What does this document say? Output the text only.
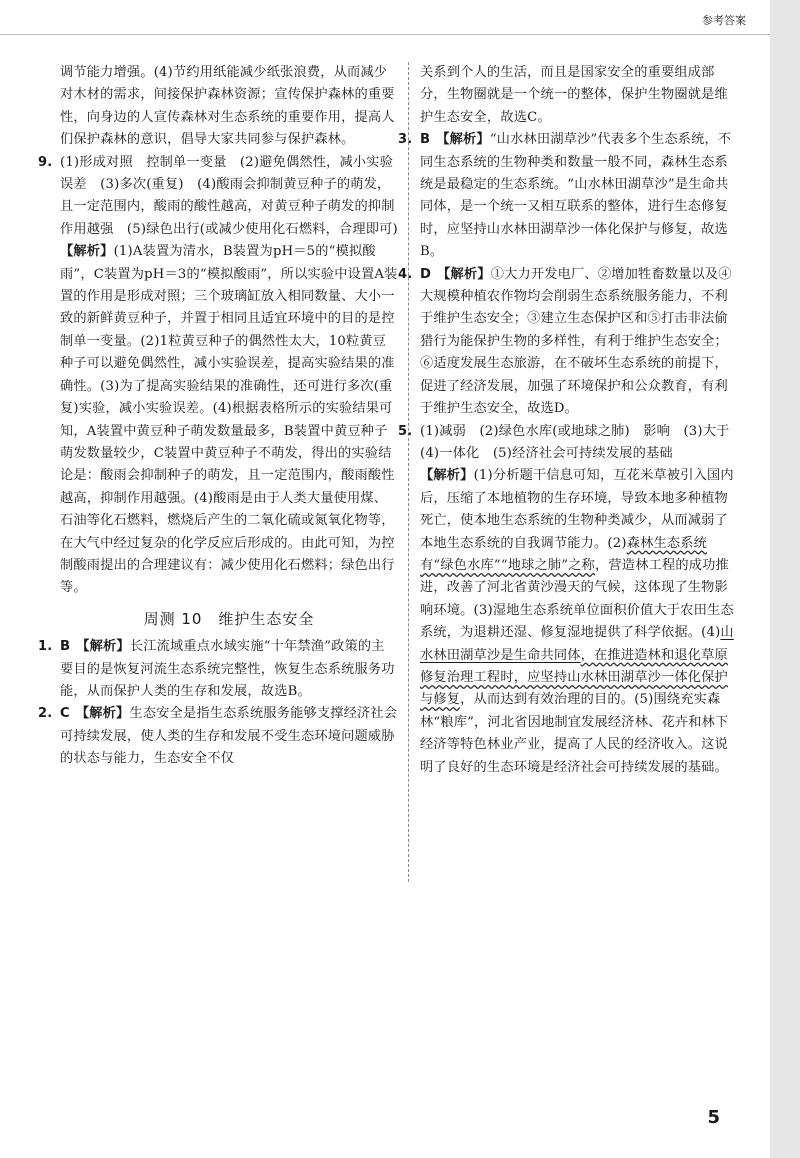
参考答案
调节能力增强。(4)节约用纸能减少纸张浪费，从而减少对木材的需求，间接保护森林资源；宣传保护森林的重要性，向身边的人宣传森林对生态系统的重要作用，提高人们保护森林的意识，倡导大家共同参与保护森林。
9. (1)形成对照　控制单一变量　(2)避免偶然性，减小实验误差　(3)多次(重复)　(4)酸雨会抑制黄豆种子的萌发，且一定范围内，酸雨的酸性越高，对黄豆种子萌发的抑制作用越强　(5)绿色出行(或减少使用化石燃料，合理即可)
【解析】(1)A装置为清水，B装置为pH＝5的“模拟酸雨”，C装置为pH＝3的“模拟酸雨”，所以实验中设置A装置的作用是形成对照；三个玻璃缸放入相同数量、大小一致的新鲜黄豆种子，并置于相同且适宜环境中的目的是控制单一变量。(2)1粒黄豆种子的偶然性太大，10粒黄豆种子可以避免偶然性，减小实验误差，提高实验结果的准确性。(3)为了提高实验结果的准确性，还可进行多次(重复)实验，减小实验误差。(4)根据表格所示的实验结果可知，A装置中黄豆种子萌发数量最多，B装置中黄豆种子萌发数量较少，C装置中黄豆种子不萌发，得出的实验结论是：酸雨会抑制种子的萌发，且一定范围内，酸雨酸性越高，抑制作用越强。(4)酸雨是由于人类大量使用煤、石油等化石燃料，燃烧后产生的二氧化硫或氮氧化物等，在大气中经过复杂的化学反应后形成的。由此可知，为控制酸雨提出的合理建议有：减少使用化石燃料；绿色出行等。
周测 10　维护生态安全
1. B 【解析】长江流域重点水域实施“十年禁渔”政策的主要目的是恢复河流生态系统完整性，恢复生态系统服务功能，从而保护人类的生存和发展，故选B。
2. C 【解析】生态安全是指生态系统服务能够支撑经济社会可持续发展，使人类的生存和发展不受生态环境问题威胁的状态与能力，生态安全不仅
关系到个人的生活，而且是国家安全的重要组成部分，生物圈就是一个统一的整体，保护生物圈就是维护生态安全，故选C。
3. B 【解析】“山水林田湖草沙”代表多个生态系统，不同生态系统的生物种类和数量一般不同，森林生态系统是最稳定的生态系统。“山水林田湖草沙”是生命共同体，是一个统一又相互联系的整体，进行生态修复时，应坚持山水林田湖草沙一体化保护与修复，故选B。
4. D 【解析】①大力开发电厂、②增加牲畜数量以及④大规模种植农作物均会削弱生态系统服务能力，不利于维护生态安全；③建立生态保护区和⑤打击非法偷猎行为能保护生物的多样性，有利于维护生态安全；⑥适度发展生态旅游，在不破坏生态系统的前提下，促进了经济发展，加强了环境保护和公众教育，有利于维护生态安全，故选D。
5. (1)减弱　(2)绿色水库(或地球之肺)　影响　(3)大于　(4)一体化　(5)经济社会可持续发展的基础
【解析】(1)分析题干信息可知，互花米草被引入国内后，压缩了本地植物的生存环境，导致本地多种植物死亡，使本地生态系统的生物种类减少，从而减弱了本地生态系统的自我调节能力。(2)森林生态系统有“绿色水库”“地球之肺”之称，营造林工程的成功推进，改善了河北省黄沙漫天的气候，这体现了生物影响环境。(3)湿地生态系统单位面积价值大于农田生态系统，为退耕还湿、修复湿地提供了科学依据。(4)山水林田湖草沙是生命共同体，在推进造林和退化草原修复治理工程时，应坚持山水林田湖草沙一体化保护与修复，从而达到有效治理的目的。(5)围绕充实森林“粮库”，河北省因地制宜发展经济林、花卉和林下经济等特色林业产业，提高了人民的经济收入。这说明了良好的生态环境是经济社会可持续发展的基础。
5
